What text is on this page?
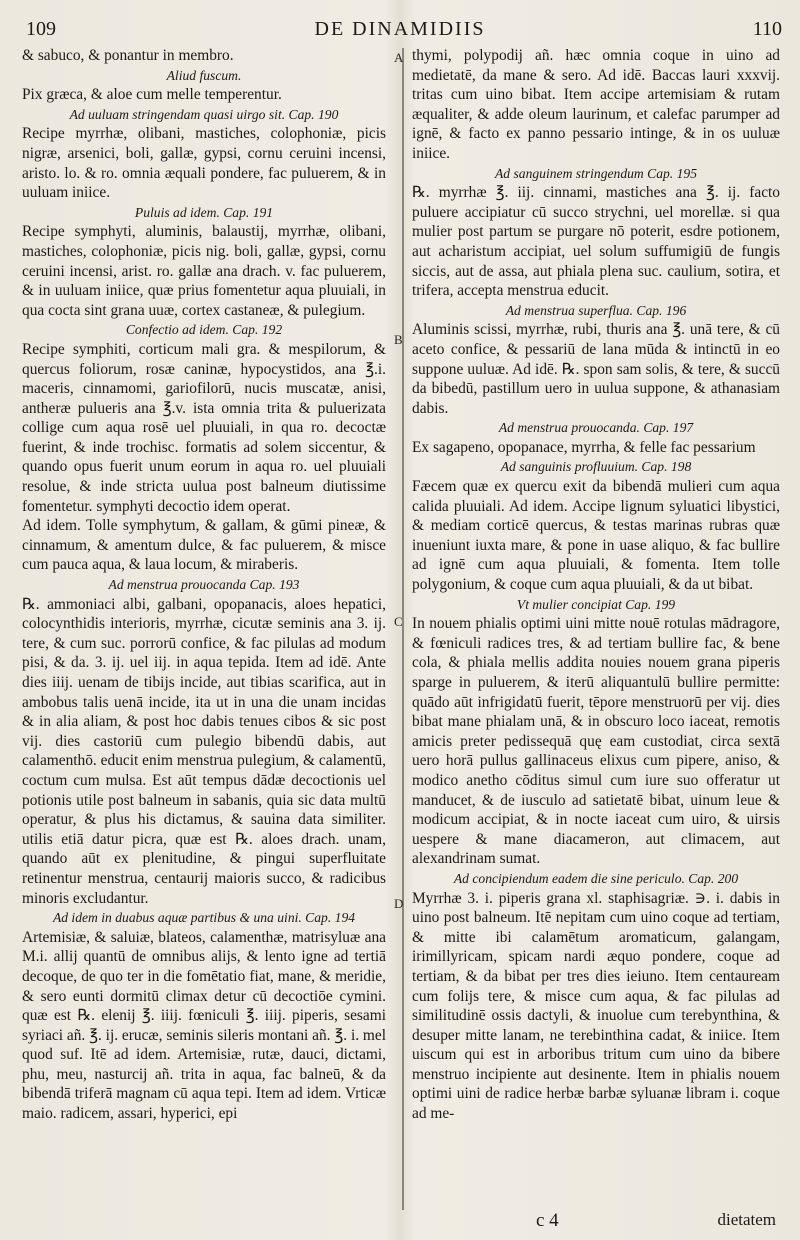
109	DE DINAMIDIIS	110
A
B
C
D
& sabuco, & ponantur in membro.
Aliud fuscum.
Pix græca, & aloe cum melle temperentur.
Ad uuluam stringendam quasi uirgo sit. Cap. 190
Recipe myrrhæ, olibani, mastiches, colophoniæ, picis nigræ, arsenici, boli, gallæ, gypsi, cornu ceruini incensi, aristo. lo. & ro. omnia æquali pondere, fac puluerem, & in uuluam iniice.
Puluis ad idem. Cap. 191
Recipe symphyti, aluminis, balaustij, myrrhæ, olibani, mastiches, colophoniæ, picis nig. boli, gallæ, gypsi, cornu ceruini incensi, arist. ro. gallæ ana drach. v. fac puluerem, & in uuluam iniice, quæ prius fomentetur aqua pluuiali, in qua cocta sint grana uuæ, cortex castaneæ, & pulegium.
Confectio ad idem. Cap. 192
Recipe symphiti, corticum mali gra. & mespilorum, & quercus foliorum, rosæ caninæ, hypocystidos, ana ℥.i. maceris, cinnamomi, gariofilorū, nucis muscatæ, anisi, antheræ pulueris ana ℥.v. ista omnia trita & puluerizata collige cum aqua rosē uel pluuiali, in qua ro. decoctæ fuerint, & inde trochisc. formatis ad solem siccentur, & quando opus fuerit unum eorum in aqua ro. uel pluuiali resolue, & inde stricta uulua post balneum diutissime fomentetur. symphyti decoctio idem operat.
Ad idem. Tolle symphytum, & gallam, & gūmi pineæ, & cinnamum, & amentum dulce, & fac puluerem, & misce cum pauca aqua, & laua locum, & miraberis.
Ad menstrua prouocanda Cap. 193
℞. ammoniaci albi, galbani, opopanacis, aloes hepatici, colocynthidis interioris, myrrhæ, cicutæ seminis ana 3. ij. tere, & cum suc. porrorū confice, & fac pilulas ad modum pisi, & da. 3. ij. uel iij. in aqua tepida. Item ad idē. Ante dies iiij. uenam de tibijs incide, aut tibias scarifica, aut in ambobus talis uenā incide, ita ut in una die unam incidas & in alia aliam, & post hoc dabis tenues cibos & sic post vij. dies castoriū cum pulegio bibendū dabis, aut calamenthō. educit enim menstrua pulegium, & calamentū, coctum cum mulsa. Est aūt tempus dādæ decoctionis uel potionis utile post balneum in sabanis, quia sic data multū operatur, & plus his dictamus, & sauina data similiter. utilis etiā datur picra, quæ est ℞. aloes drach. unam, quando aūt ex plenitudine, & pingui superfluitate retinentur menstrua, centaurij maioris succo, & radicibus minoris excludantur.
Ad idem in duabus aquæ partibus & una uini. Cap. 194
Artemisiæ, & saluiæ, blateos, calamenthæ, matrisyluæ ana M.i. allij quantū de omnibus alijs, & lento igne ad tertiā decoque, de quo ter in die fomētatio fiat, mane, & meridie, & sero eunti dormitū climax detur cū decoctiōe cymini. quæ est ℞. elenij ℥. iiij. fœniculi ℥. iiij. piperis, sesami syriaci añ. ℥. ij. erucæ, seminis sileris montani añ. ℥. i. mel quod suf. Itē ad idem. Artemisiæ, rutæ, dauci, dictami, phu, meu, nasturcij añ. trita in aqua, fac balneū, & da bibendā triferā magnam cū aqua tepi. Item ad idem. Vrticæ maio. radicem, assari, hyperici, epi
thymi, polypodij añ. hæc omnia coque in uino ad medietatē, da mane & sero. Ad idē. Baccas lauri xxxvij. tritas cum uino bibat. Item accipe artemisiam & rutam æqualiter, & adde oleum laurinum, et calefac parumper ad ignē, & facto ex panno pessario intinge, & in os uuluæ iniice.
Ad sanguinem stringendum Cap. 195
℞. myrrhæ ℥. iij. cinnami, mastiches ana ℥. ij. facto puluere accipiatur cū succo strychni, uel morellæ. si qua mulier post partum se purgare nō poterit, esdre potionem, aut acharistum accipiat, uel solum suffumigiū de fungis siccis, aut de assa, aut phiala plena suc. caulium, sotira, et trifera, accepta menstrua educit.
Ad menstrua superflua. Cap. 196
Aluminis scissi, myrrhæ, rubi, thuris ana ℥. unā tere, & cū aceto confice, & pessariū de lana mūda & intinctū in eo suppone uuluæ. Ad idē. ℞. spon sam solis, & tere, & succū da bibedū, pastillum uero in uulua suppone, & athanasiam dabis.
Ad menstrua prouocanda. Cap. 197
Ex sagapeno, opopanace, myrrha, & felle fac pessarium
Ad sanguinis profluuium. Cap. 198
Fæcem quæ ex quercu exit da bibendā mulieri cum aqua calida pluuiali. Ad idem. Accipe lignum syluatici libystici, & mediam corticē quercus, & testas marinas rubras quæ inueniunt iuxta mare, & pone in uase aliquo, & fac bullire ad ignē cum aqua pluuiali, & fomenta. Item tolle polygonium, & coque cum aqua pluuiali, & da ut bibat.
Vt mulier concipiat Cap. 199
In nouem phialis optimi uini mitte nouē rotulas mādragore, & fœniculi radices tres, & ad tertiam bullire fac, & bene cola, & phiala mellis addita nouies nouem grana piperis sparge in puluerem, & iterū aliquantulū bullire permitte: quādo aūt infrigidatū fuerit, tēpore menstruorū per vij. dies bibat mane phialam unā, & in obscuro loco iaceat, remotis amicis preter pedissequā quę eam custodiat, circa sextā uero horā pullus gallinaceus elixus cum pipere, aniso, & modico anetho cōditus simul cum iure suo offeratur ut manducet, & de iusculo ad satietatē bibat, uinum leue & modicum accipiat, & in nocte iaceat cum uiro, & uirsis uespere & mane diacameron, aut climacem, aut alexandrinam sumat.
Ad concipiendum eadem die sine periculo. Cap. 200
Myrrhæ 3. i. piperis grana xl. staphisagriæ. ∋. i. dabis in uino post balneum. Itē nepitam cum uino coque ad tertiam, & mitte ibi calamētum aromaticum, galangam, irimillyricam, spicam nardi æquo pondere, coque ad tertiam, & da bibat per tres dies ieiuno. Item centauream cum folijs tere, & misce cum aqua, & fac pilulas ad similitudinē ossis dactyli, & inuolue cum terebynthina, & desuper mitte lanam, ne terebinthina cadat, & iniice. Item uiscum qui est in arboribus tritum cum uino da bibere menstruo incipiente aut desinente. Item in phialis nouem optimi uini de radice herbæ barbæ syluanæ libram i. coque ad me-
c 4	dietatem
